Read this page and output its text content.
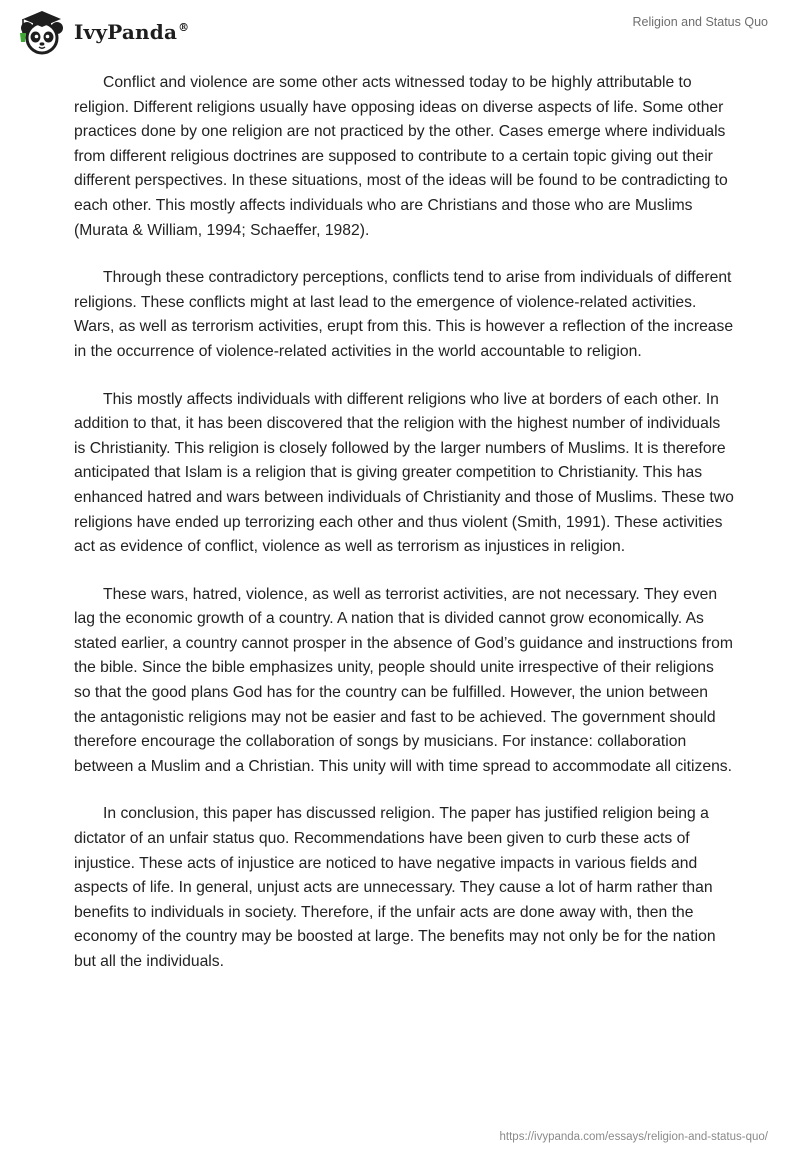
IvyPanda®	Religion and Status Quo

Conflict and violence are some other acts witnessed today to be highly attributable to religion. Different religions usually have opposing ideas on diverse aspects of life. Some other practices done by one religion are not practiced by the other. Cases emerge where individuals from different religious doctrines are supposed to contribute to a certain topic giving out their different perspectives. In these situations, most of the ideas will be found to be contradicting to each other. This mostly affects individuals who are Christians and those who are Muslims (Murata & William, 1994; Schaeffer, 1982).

Through these contradictory perceptions, conflicts tend to arise from individuals of different religions. These conflicts might at last lead to the emergence of violence-related activities. Wars, as well as terrorism activities, erupt from this. This is however a reflection of the increase in the occurrence of violence-related activities in the world accountable to religion.

This mostly affects individuals with different religions who live at borders of each other. In addition to that, it has been discovered that the religion with the highest number of individuals is Christianity. This religion is closely followed by the larger numbers of Muslims. It is therefore anticipated that Islam is a religion that is giving greater competition to Christianity. This has enhanced hatred and wars between individuals of Christianity and those of Muslims. These two religions have ended up terrorizing each other and thus violent (Smith, 1991). These activities act as evidence of conflict, violence as well as terrorism as injustices in religion.

These wars, hatred, violence, as well as terrorist activities, are not necessary. They even lag the economic growth of a country. A nation that is divided cannot grow economically. As stated earlier, a country cannot prosper in the absence of God’s guidance and instructions from the bible. Since the bible emphasizes unity, people should unite irrespective of their religions so that the good plans God has for the country can be fulfilled. However, the union between the antagonistic religions may not be easier and fast to be achieved. The government should therefore encourage the collaboration of songs by musicians. For instance: collaboration between a Muslim and a Christian. This unity will with time spread to accommodate all citizens.

In conclusion, this paper has discussed religion. The paper has justified religion being a dictator of an unfair status quo. Recommendations have been given to curb these acts of injustice. These acts of injustice are noticed to have negative impacts in various fields and aspects of life. In general, unjust acts are unnecessary. They cause a lot of harm rather than benefits to individuals in society. Therefore, if the unfair acts are done away with, then the economy of the country may be boosted at large. The benefits may not only be for the nation but all the individuals.

https://ivypanda.com/essays/religion-and-status-quo/
